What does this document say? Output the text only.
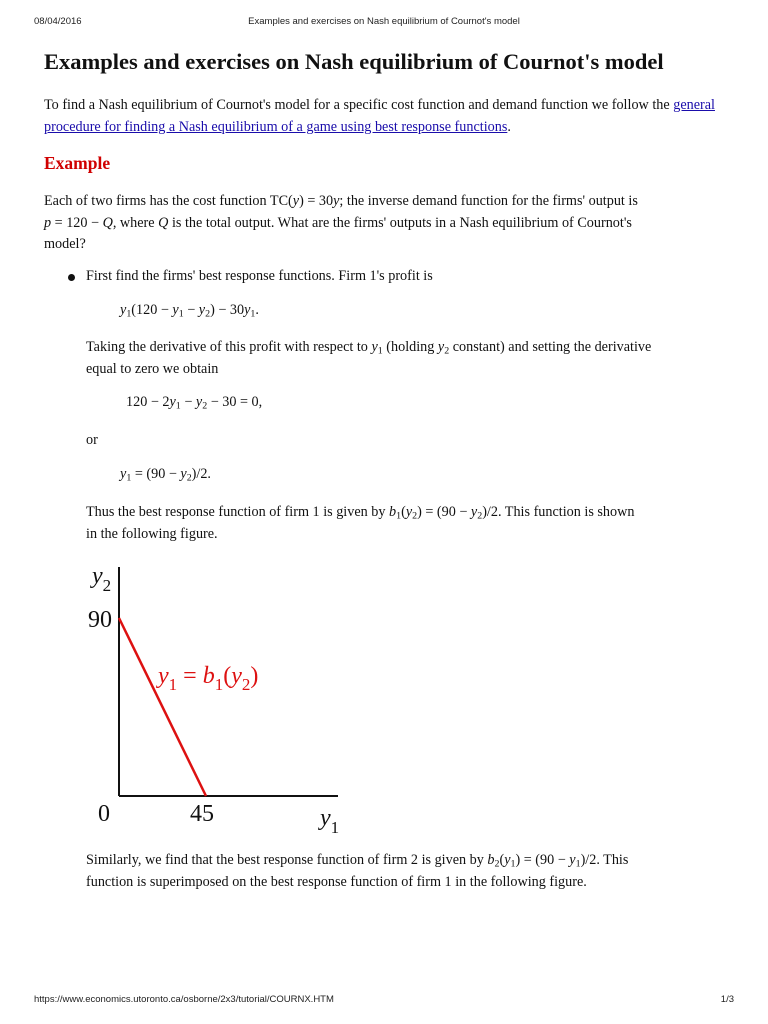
08/04/2016	Examples and exercises on Nash equilibrium of Cournot's model
Examples and exercises on Nash equilibrium of Cournot's model

To find a Nash equilibrium of Cournot's model for a specific cost function and demand function we follow the general procedure for finding a Nash equilibrium of a game using best response functions.

Example

Each of two firms has the cost function TC(y) = 30y; the inverse demand function for the firms' output is
p = 120 − Q, where Q is the total output. What are the firms' outputs in a Nash equilibrium of Cournot's
model?

First find the firms' best response functions. Firm 1's profit is

$y_1(120 - y_1 - y_2) - 30y_1$.

Taking the derivative of this profit with respect to $y_1$ (holding $y_2$ constant) and setting the derivative
equal to zero we obtain

$120 - 2y_1 - y_2 - 30 = 0$,

or

$y_1 = (90 - y_2)/2$.

Thus the best response function of firm 1 is given by $b_1(y_2) = (90 - y_2)/2$. This function is shown
in the following figure.

Similarly, we find that the best response function of firm 2 is given by $b_2(y_1) = (90 - y_1)/2$. This
function is superimposed on the best response function of firm 1 in the following figure.

$y_2$
90
0	45	$y_1$
$y_1 = b_1(y_2)$
https://www.economics.utoronto.ca/osborne/2x3/tutorial/COURNX.HTM	1/3
